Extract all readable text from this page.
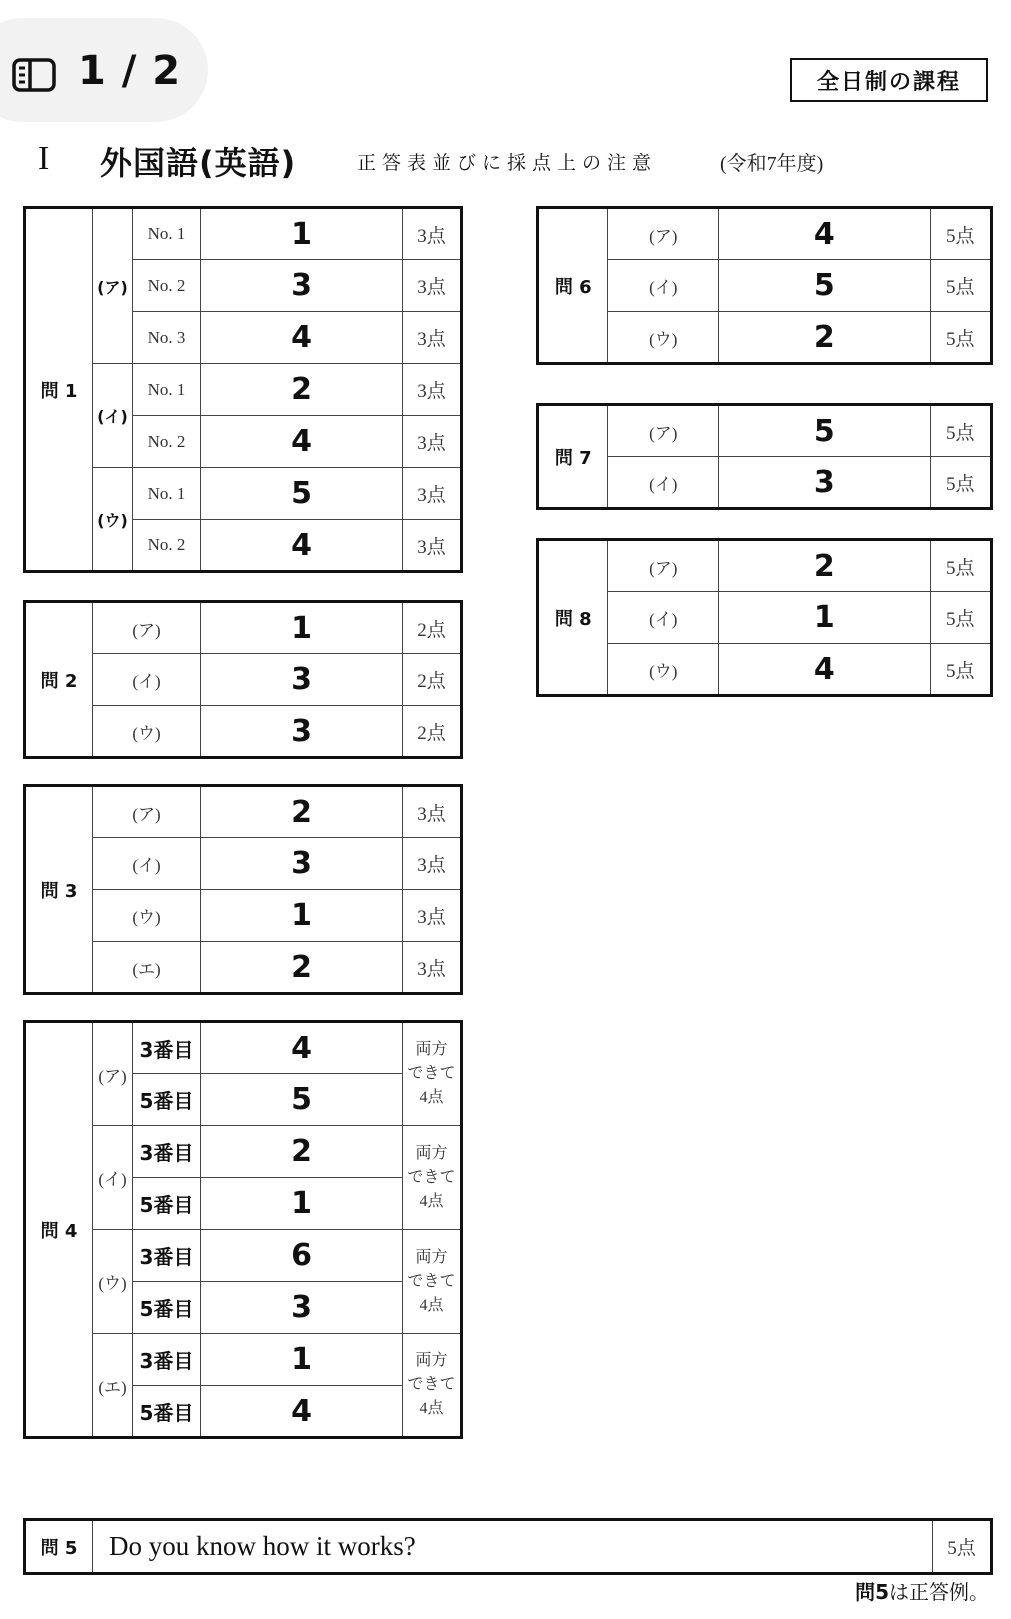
1 / 2	全日制の課程
I 外国語(英語)	正答表並びに採点上の注意	(令和7年度)
問 1	(ア)	No. 1	1	3点
		No. 2	3	3点
		No. 3	4	3点
	(イ)	No. 1	2	3点
		No. 2	4	3点
	(ウ)	No. 1	5	3点
		No. 2	4	3点
問 2	(ア)	1	2点
	(イ)	3	2点
	(ウ)	3	2点
問 3	(ア)	2	3点
	(イ)	3	3点
	(ウ)	1	3点
	(エ)	2	3点
問 4	(ア)	3番目	4	両方
できて
4点

		5番目	5	
	(イ)	3番目	2	両方
できて
4点

		5番目	1	
	(ウ)	3番目	6	両方
できて
4点

		5番目	3	
	(エ)	3番目	1	両方
できて
4点

		5番目	4	
問 5	Do you know how it works?	5点
問 6	(ア)	4	5点
	(イ)	5	5点
	(ウ)	2	5点
問 7	(ア)	5	5点
	(イ)	3	5点
問 8	(ア)	2	5点
	(イ)	1	5点
	(ウ)	4	5点
問5は正答例。
